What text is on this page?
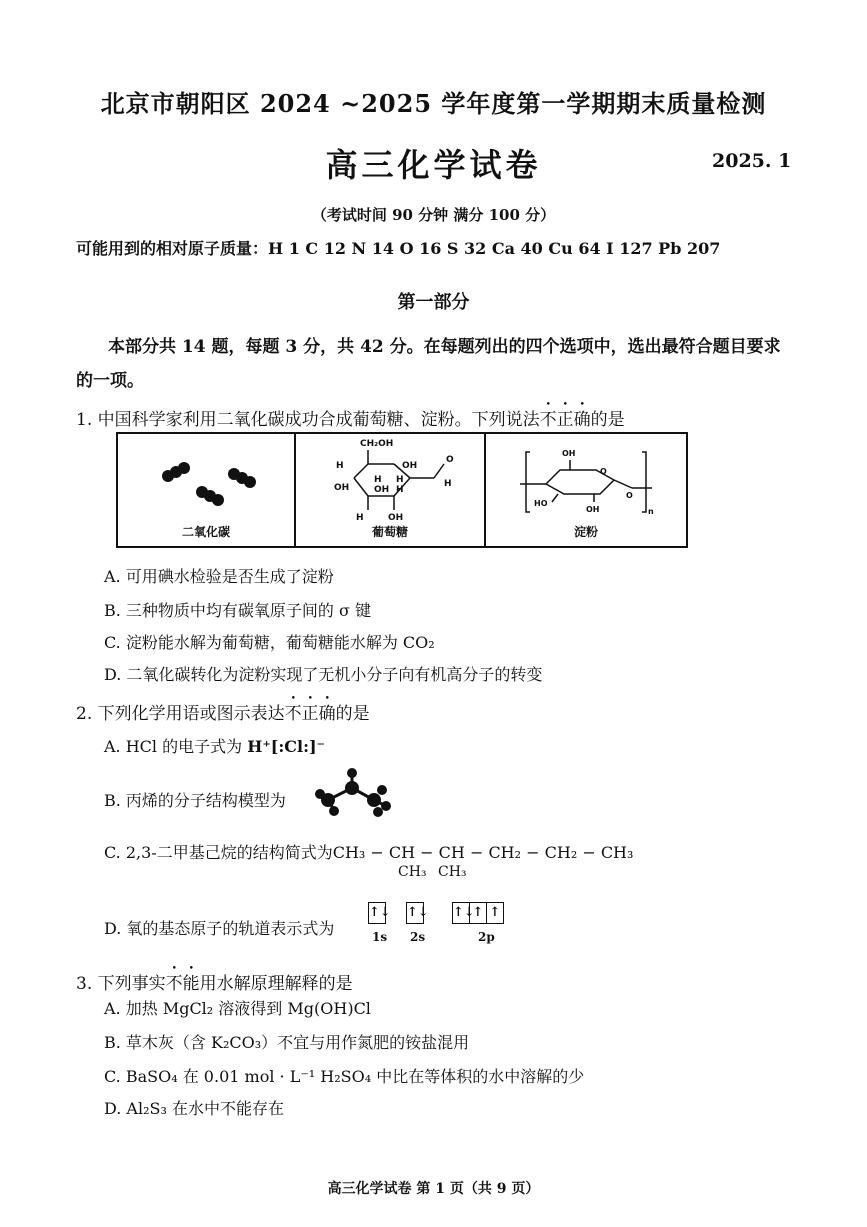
北京市朝阳区 2024 ~2025 学年度第一学期期末质量检测
高三化学试卷	2025. 1
（考试时间 90 分钟 满分 100 分）
可能用到的相对原子质量：H 1 C 12 N 14 O 16 S 32 Ca 40 Cu 64 I 127 Pb 207
第一部分
本部分共 14 题，每题 3 分，共 42 分。在每题列出的四个选项中，选出最符合题目要求的一项。
1. 中国科学家利用二氧化碳成功合成葡萄糖、淀粉。下列说法不正确的是
二氧化碳
CH₂OH
H	OH
O
H
OH
H H
OH H
H	OH
葡萄糖
OH
HO
OH
O
O
n
淀粉
A. 可用碘水检验是否生成了淀粉
B. 三种物质中均有碳氧原子间的 σ 键
C. 淀粉能水解为葡萄糖，葡萄糖能水解为 CO₂
D. 二氧化碳转化为淀粉实现了无机小分子向有机高分子的转变
2. 下列化学用语或图示表达不正确的是
A. HCl 的电子式为 H⁺[:Cl:]⁻
B. 丙烯的分子结构模型为
C. 2,3-二甲基己烷的结构简式为CH₃ − CH − CH − CH₂ − CH₂ − CH₃
CH₃ CH₃
D. 氧的基态原子的轨道表示式为
↑↓ ↑↓ ↑↓
↑ ↑
1s 2s	2p
3. 下列事实不能用水解原理解释的是
A. 加热 MgCl₂ 溶液得到 Mg(OH)Cl
B. 草木灰（含 K₂CO₃）不宜与用作氮肥的铵盐混用
C. BaSO₄ 在 0.01 mol · L⁻¹ H₂SO₄ 中比在等体积的水中溶解的少
D. Al₂S₃ 在水中不能存在
高三化学试卷 第 1 页（共 9 页）
